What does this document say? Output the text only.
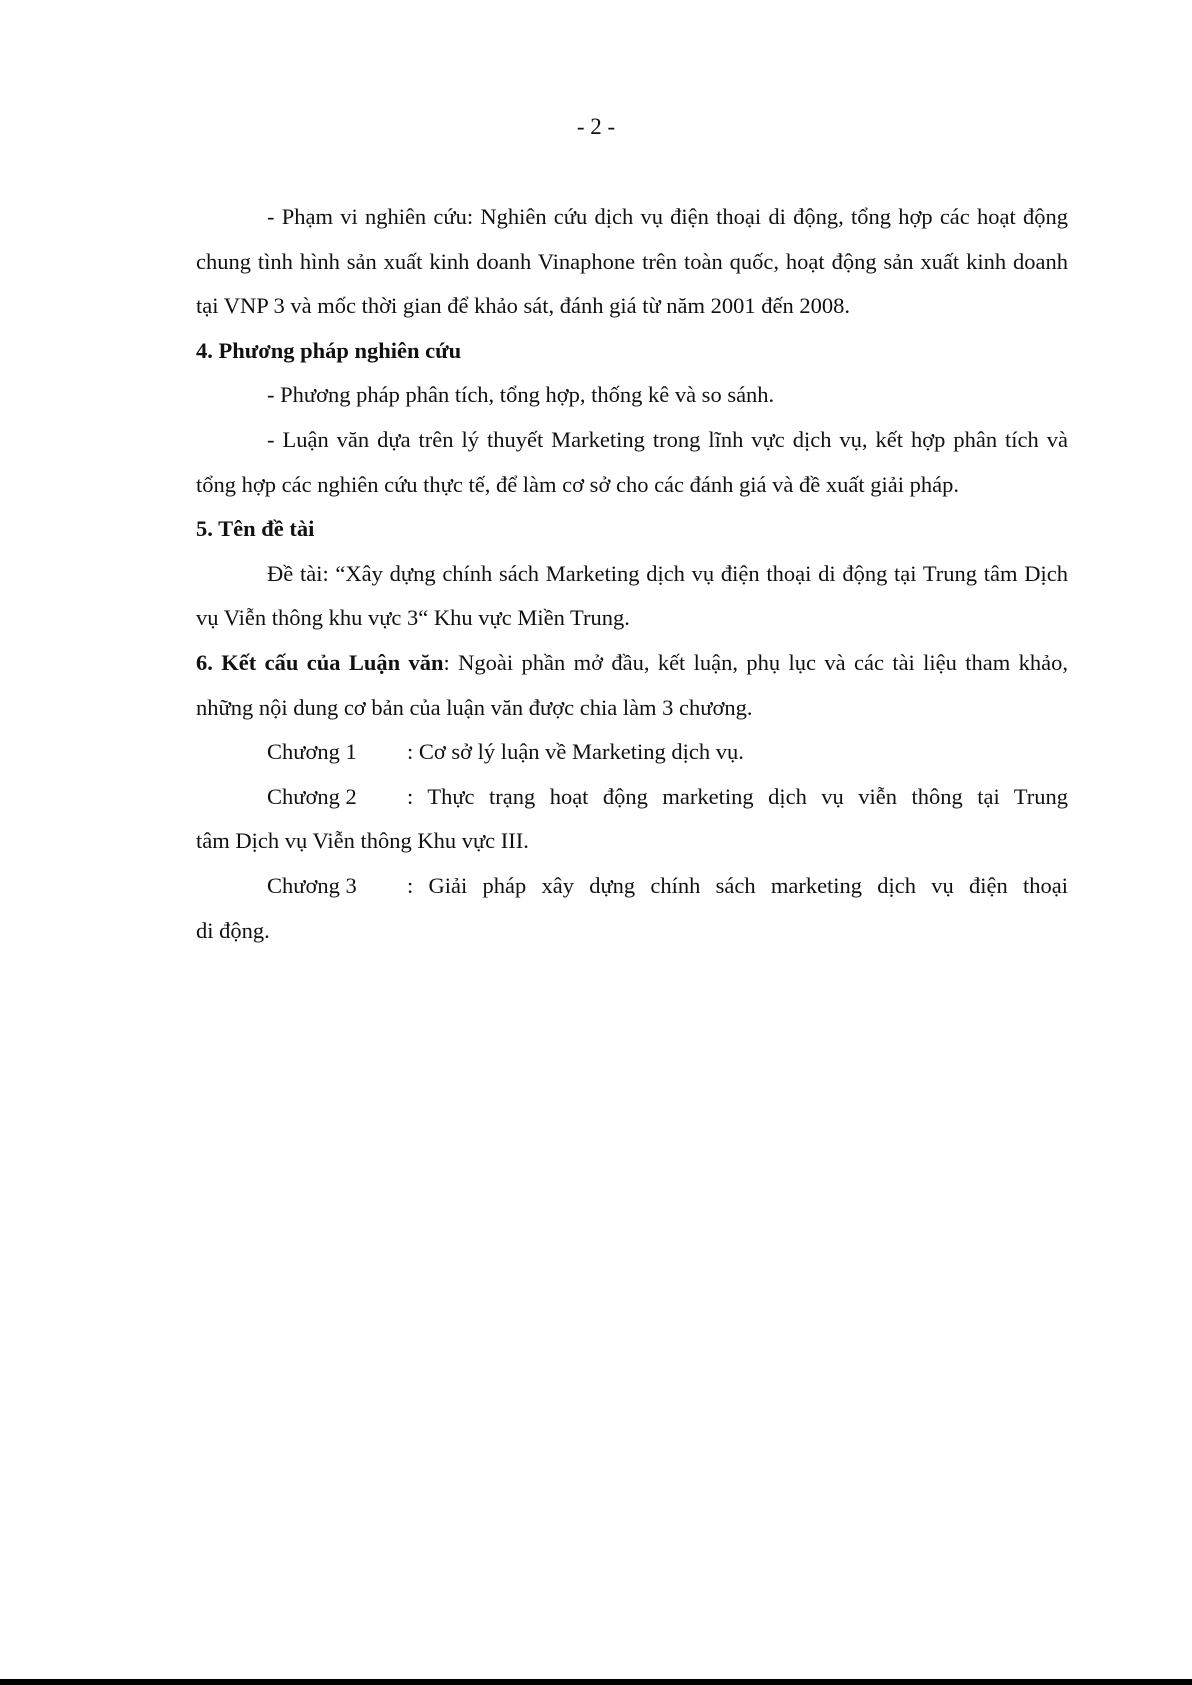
- 2 -

- Phạm vi nghiên cứu: Nghiên cứu dịch vụ điện thoại di động, tổng hợp các hoạt động chung tình hình sản xuất kinh doanh Vinaphone trên toàn quốc, hoạt động sản xuất kinh doanh tại VNP 3 và mốc thời gian để khảo sát, đánh giá từ năm 2001 đến 2008.

4. Phương pháp nghiên cứu

- Phương pháp phân tích, tổng hợp, thống kê và so sánh.

- Luận văn dựa trên lý thuyết Marketing trong lĩnh vực dịch vụ, kết hợp phân tích và tổng hợp các nghiên cứu thực tế, để làm cơ sở cho các đánh giá và đề xuất giải pháp.

5. Tên đề tài

Đề tài: “Xây dựng chính sách Marketing dịch vụ điện thoại di động tại Trung tâm Dịch vụ Viễn thông khu vực 3“ Khu vực Miền Trung.

6. Kết cấu của Luận văn: Ngoài phần mở đầu, kết luận, phụ lục và các tài liệu tham khảo, những nội dung cơ bản của luận văn được chia làm 3 chương.

Chương 1	: Cơ sở lý luận về Marketing dịch vụ.
Chương 2	: Thực trạng hoạt động marketing dịch vụ viễn thông tại Trung

tâm Dịch vụ Viễn thông Khu vực III.

Chương 3	: Giải pháp xây dựng chính sách marketing dịch vụ điện thoại

di động.
